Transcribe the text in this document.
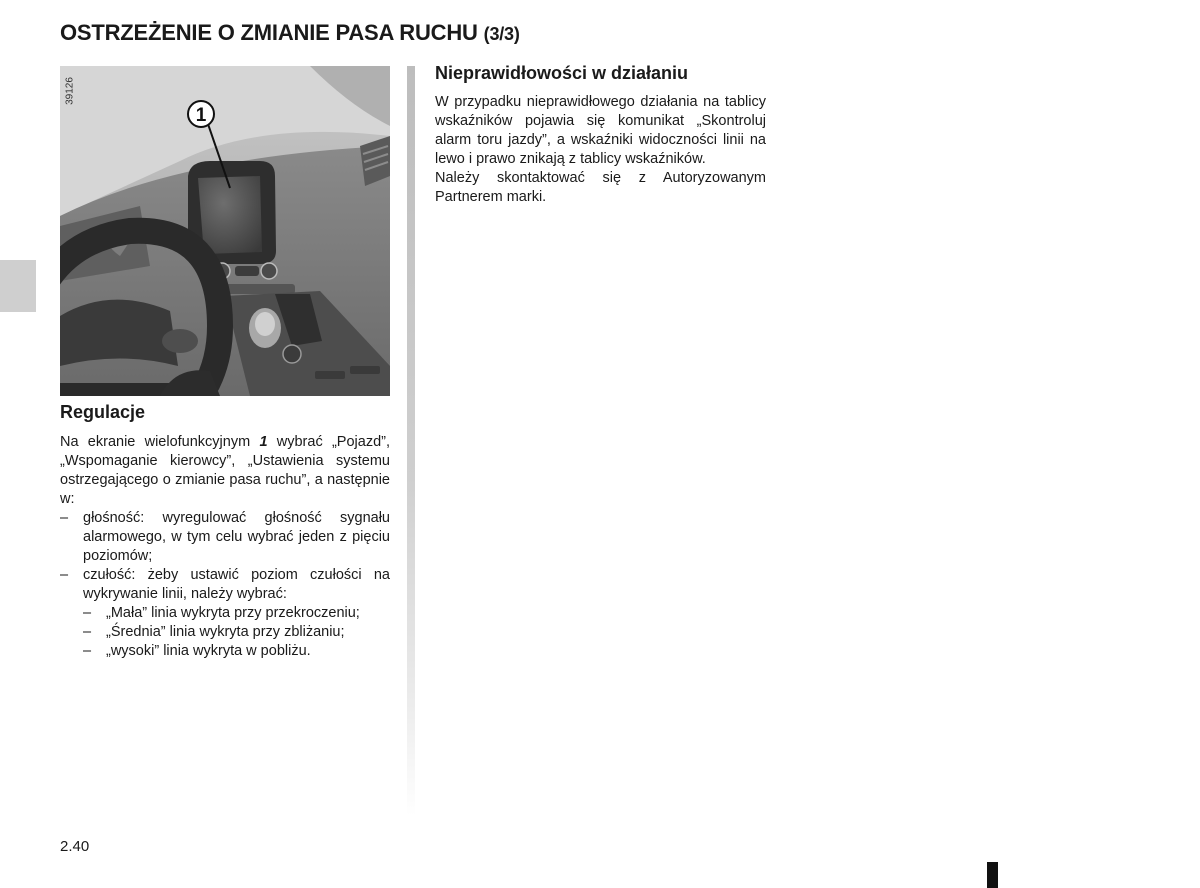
OSTRZEŻENIE O ZMIANIE PASA RUCHU (3/3)
1
39126
Regulacje

Na ekranie wielofunkcyjnym 1 wybrać „Pojazd”, „Wspomaganie kierowcy”, „Ustawienia systemu ostrzegającego o zmianie pasa ruchu”, a następnie w:

– głośność: wyregulować głośność sygnału alarmowego, w tym celu wybrać jeden z pięciu poziomów;
– czułość: żeby ustawić poziom czułości na wykrywanie linii, należy wybrać:
– „Mała” linia wykryta przy przekroczeniu;
– „Średnia” linia wykryta przy zbliżaniu;
– „wysoki” linia wykryta w pobliżu.
Nieprawidłowości w działaniu

W przypadku nieprawidłowego działania na tablicy wskaźników pojawia się komunikat „Skontroluj alarm toru jazdy”, a wskaźniki widoczności linii na lewo i prawo znikają z tablicy wskaźników.

Należy skontaktować się z Autoryzowanym Partnerem marki.

2.40
